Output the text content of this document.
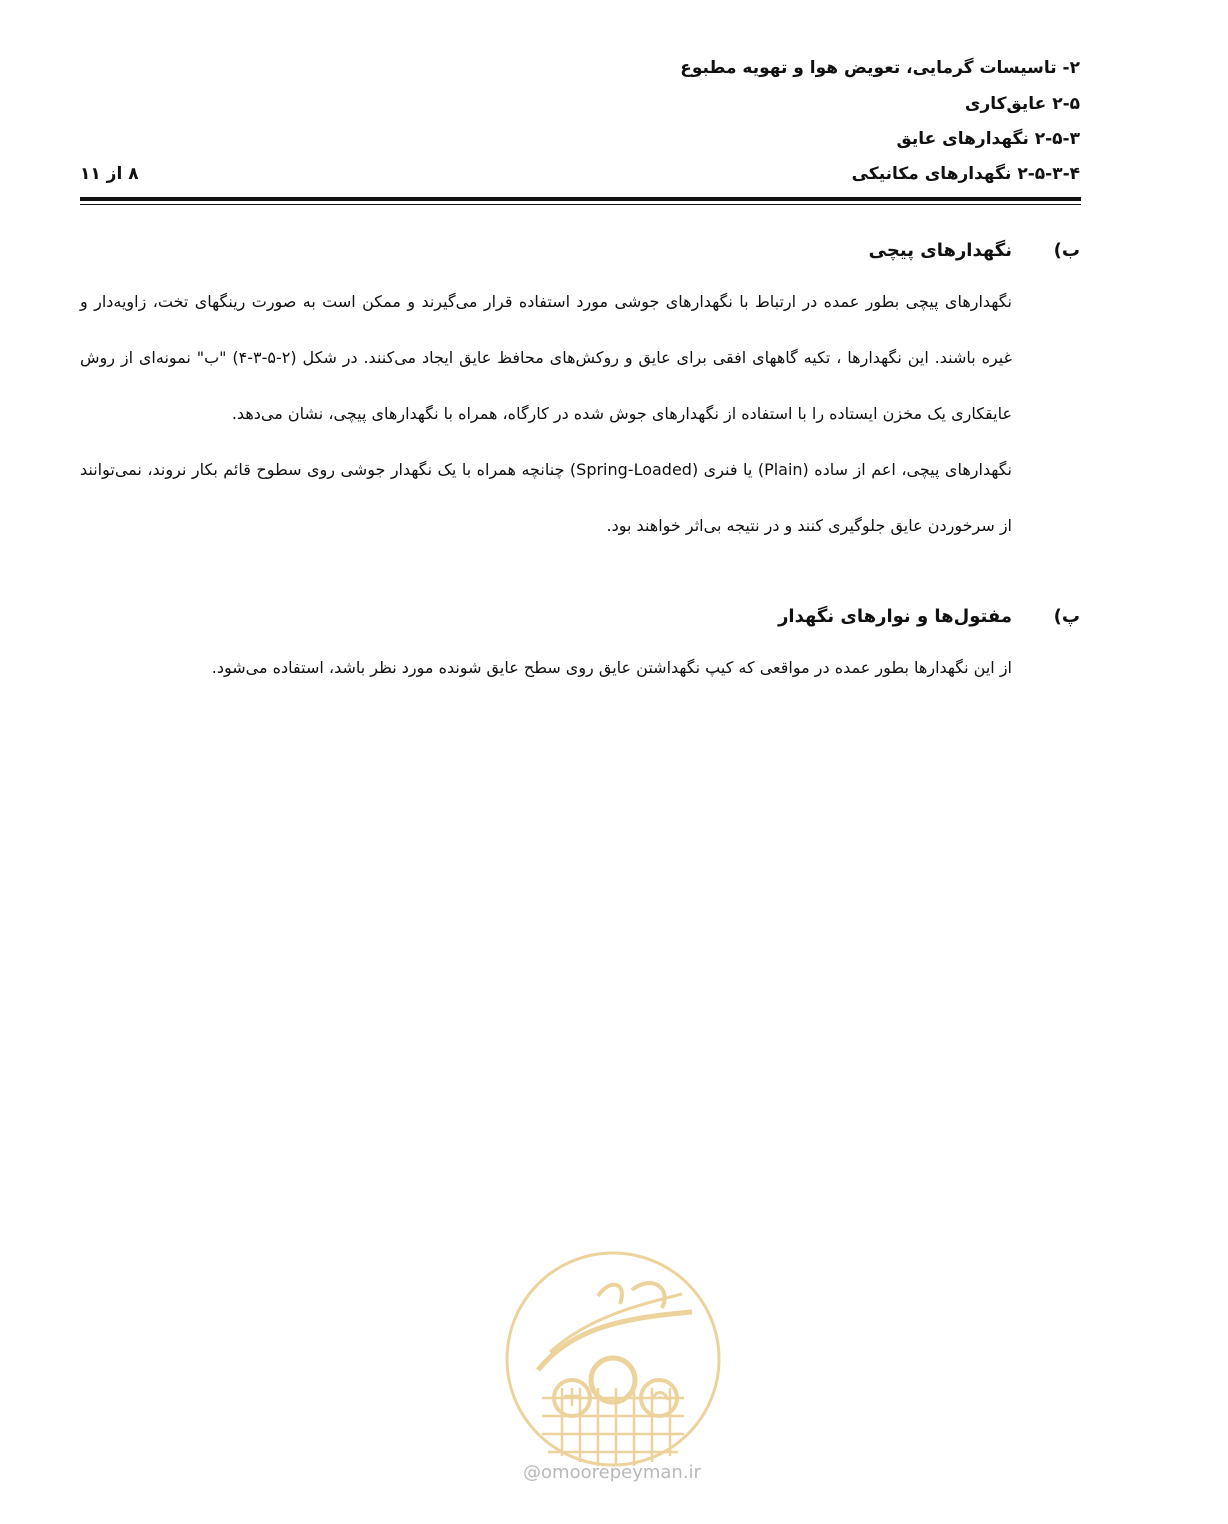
۲- تاسیسات گرمایی، تعویض هوا و تهویه مطبوع
۲-۵ عایق‌کاری
۲-۵-۳ نگهدارهای عایق
۲-۵-۳-۴ نگهدارهای مکانیکی
۸ از ۱۱
ب)
نگهدارهای پیچی

نگهدارهای پیچی بطور عمده در ارتباط با نگهدارهای جوشی مورد استفاده قرار می‌گیرند و ممکن است به صورت رینگهای تخت، زاویه‌دار و غیره باشند. این نگهدارها ، تکیه گاههای افقی برای عایق و روکش‌های محافظ عایق ایجاد می‌کنند. در شکل (۲-۵-۳-۴) "ب" نمونه‌ای از روش عایقکاری یک مخزن ایستاده را با استفاده از نگهدارهای جوش شده در کارگاه، همراه با نگهدارهای پیچی، نشان می‌دهد.

نگهدارهای پیچی، اعم از ساده (Plain) یا فنری (Spring-Loaded) چنانچه همراه با یک نگهدار جوشی روی سطوح قائم بکار نروند، نمی‌توانند از سرخوردن عایق جلوگیری کنند و در نتیجه بی‌اثر خواهند بود.

پ)
مفتول‌ها و نوارهای نگهدار

از این نگهدارها بطور عمده در مواقعی که کیپ نگهداشتن عایق روی سطح عایق شونده مورد نظر باشد، استفاده می‌شود.

@omoorepeyman.ir
